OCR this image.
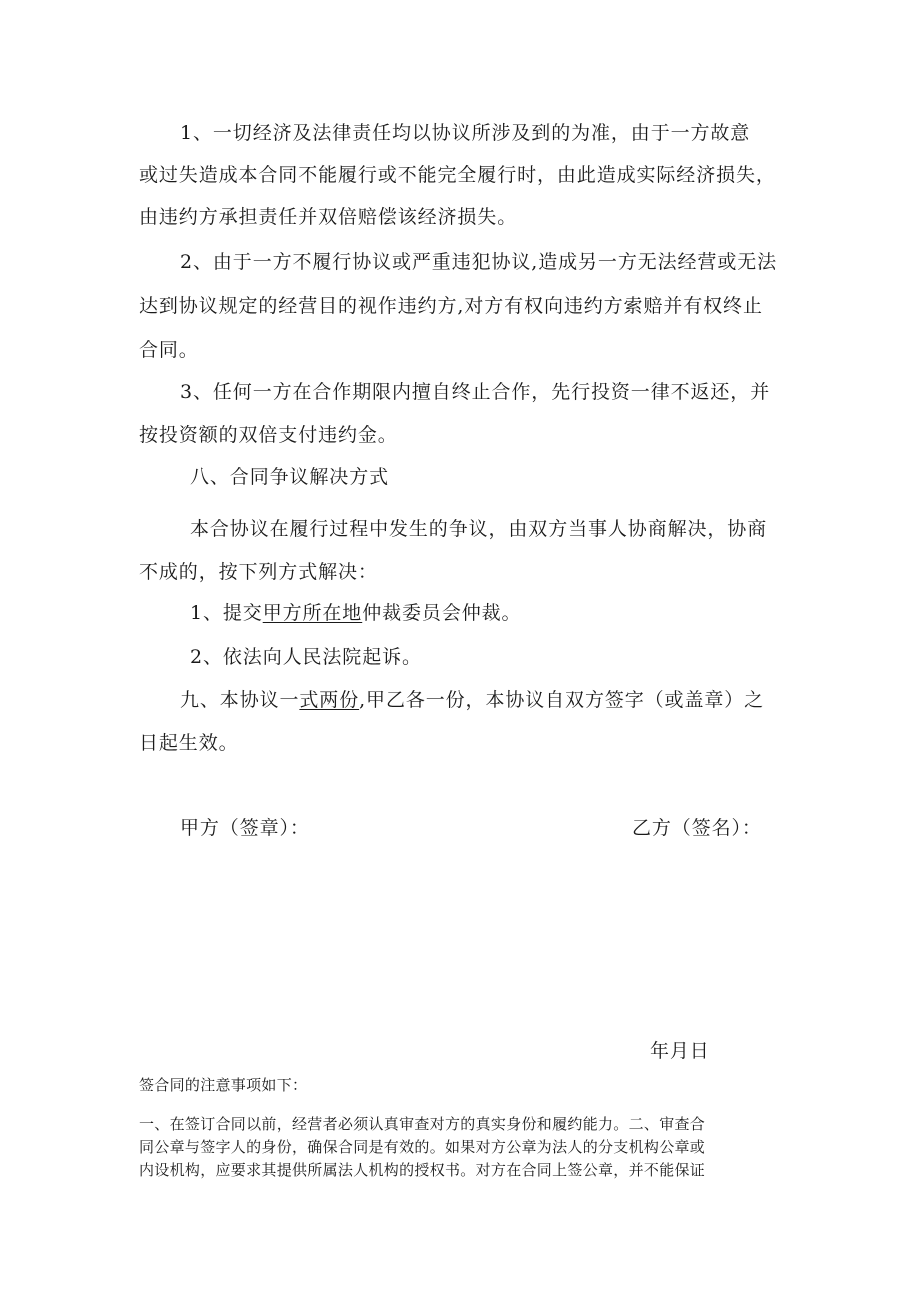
1、一切经济及法律责任均以协议所涉及到的为准，由于一方故意
或过失造成本合同不能履行或不能完全履行时，由此造成实际经济损失，
由违约方承担责任并双倍赔偿该经济损失。
2、由于一方不履行协议或严重违犯协议,造成另一方无法经营或无法
达到协议规定的经营目的视作违约方,对方有权向违约方索赔并有权终止
合同。
3、任何一方在合作期限内擅自终止合作，先行投资一律不返还，并
按投资额的双倍支付违约金。
八、合同争议解决方式
本合协议在履行过程中发生的争议，由双方当事人协商解决，协商
不成的，按下列方式解决：
1、提交甲方所在地仲裁委员会仲裁。
2、依法向人民法院起诉。
九、本协议一式两份,甲乙各一份，本协议自双方签字（或盖章）之
日起生效。
甲方（签章）：	乙方（签名）：
年月日
签合同的注意事项如下：
一、在签订合同以前，经营者必须认真审查对方的真实身份和履约能力。二、审查合
同公章与签字人的身份，确保合同是有效的。如果对方公章为法人的分支机构公章或
内设机构，应要求其提供所属法人机构的授权书。对方在合同上签公章，并不能保证
